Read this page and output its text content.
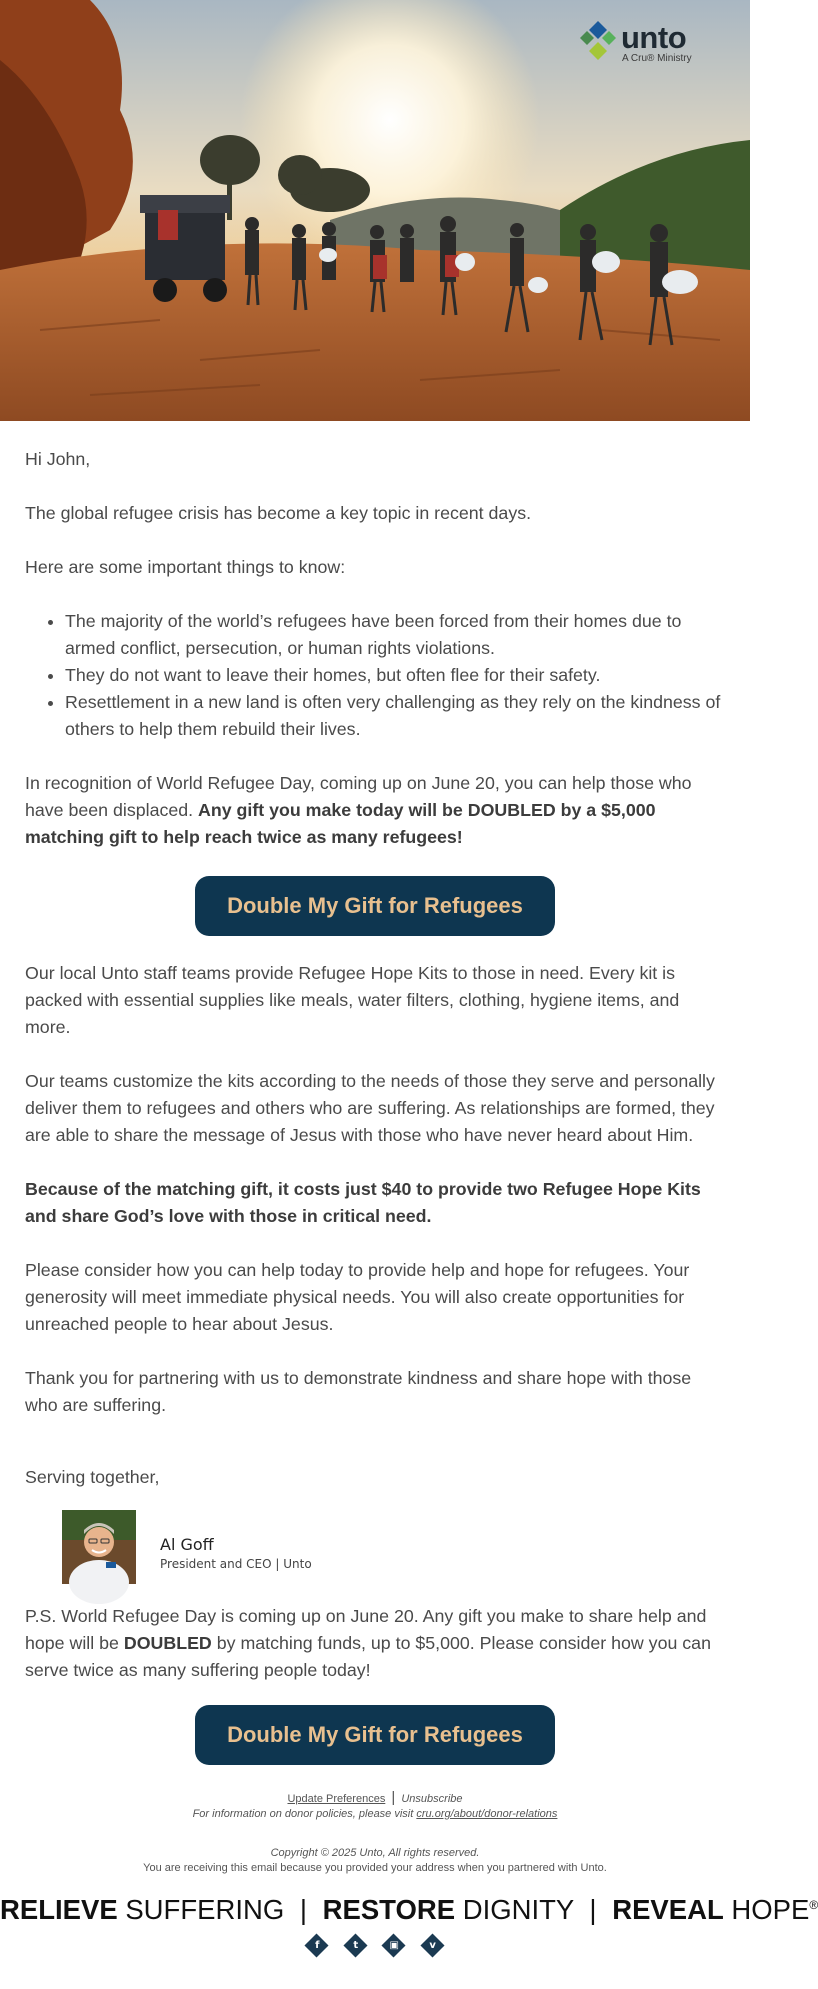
unto
A Cru® Ministry

Hi John,

The global refugee crisis has become a key topic in recent days.

Here are some important things to know:

• The majority of the world’s refugees have been forced from their homes due to armed conflict, persecution, or human rights violations.
• They do not want to leave their homes, but often flee for their safety.
• Resettlement in a new land is often very challenging as they rely on the kindness of others to help them rebuild their lives.

In recognition of World Refugee Day, coming up on June 20, you can help those who have been displaced. Any gift you make today will be DOUBLED by a $5,000 matching gift to help reach twice as many refugees!

Double My Gift for Refugees

Our local Unto staff teams provide Refugee Hope Kits to those in need. Every kit is packed with essential supplies like meals, water filters, clothing, hygiene items, and more.

Our teams customize the kits according to the needs of those they serve and personally deliver them to refugees and others who are suffering. As relationships are formed, they are able to share the message of Jesus with those who have never heard about Him.

Because of the matching gift, it costs just $40 to provide two Refugee Hope Kits and share God’s love with those in critical need.

Please consider how you can help today to provide help and hope for refugees. Your generosity will meet immediate physical needs. You will also create opportunities for unreached people to hear about Jesus.

Thank you for partnering with us to demonstrate kindness and share hope with those who are suffering.

Serving together,

Al Goff
President and CEO | Unto

P.S. World Refugee Day is coming up on June 20. Any gift you make to share help and hope will be DOUBLED by matching funds, up to $5,000. Please consider how you can serve twice as many suffering people today!

Double My Gift for Refugees
Update Preferences | Unsubscribe
For information on donor policies, please visit cru.org/about/donor-relations
Copyright © 2025 Unto, All rights reserved.
You are receiving this email because you provided your address when you partnered with Unto.
RELIEVE SUFFERING | RESTORE DIGNITY | REVEAL HOPE®
f
	t
	▣
	v
